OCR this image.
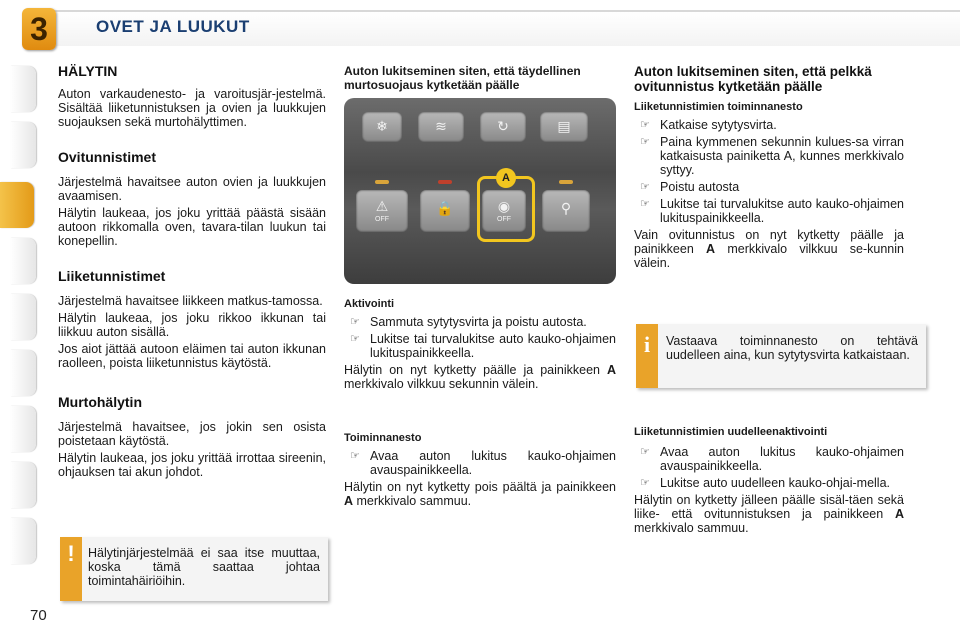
3	OVET JA LUUKUT
HÄLYTIN

Auton varkaudenesto- ja varoitusjär-jestelmä. Sisältää liiketunnistuksen ja ovien ja luukkujen suojauksen sekä murtohälyttimen.

Ovitunnistimet

Järjestelmä havaitsee auton ovien ja luukkujen avaamisen.

Hälytin laukeaa, jos joku yrittää päästä sisään autoon rikkomalla oven, tavara-tilan luukun tai konepellin.

Liiketunnistimet

Järjestelmä havaitsee liikkeen matkus-tamossa.

Hälytin laukeaa, jos joku rikkoo ikkunan tai liikkuu auton sisällä.

Jos aiot jättää autoon eläimen tai auton ikkunan raolleen, poista liiketunnistus käytöstä.

Murtohälytin

Järjestelmä havaitsee, jos jokin sen osista poistetaan käytöstä.

Hälytin laukeaa, jos joku yrittää irrottaa sireenin, ohjauksen tai akun johdot.

!	Hälytinjärjestelmää ei saa itse muuttaa, koska tämä saattaa johtaa toimintahäiriöihin.

Auton lukitseminen siten, että täydellinen murtosuojaus kytketään päälle
❄	≋	↻	▤
⚠
OFF
🔒	◉
OFF
A
⚲
Aktivointi
☞ Sammuta sytytysvirta ja poistu autosta.
☞ Lukitse tai turvalukitse auto kauko-ohjaimen lukituspainikkeella.

Hälytin on nyt kytketty päälle ja painikkeen A merkkivalo vilkkuu sekunnin välein.

Toiminnanesto
☞ Avaa auton lukitus kauko-ohjaimen avauspainikkeella.

Hälytin on nyt kytketty pois päältä ja painikkeen A merkkivalo sammuu.

Auton lukitseminen siten, että pelkkä ovitunnistus kytketään päälle
Liiketunnistimien toiminnanesto
☞ Katkaise sytytysvirta.
☞ Paina kymmenen sekunnin kulues-sa virran katkaisusta painiketta A, kunnes merkkivalo syttyy.
☞ Poistu autosta
☞ Lukitse tai turvalukitse auto kauko-ohjaimen lukituspainikkeella.

Vain ovitunnistus on nyt kytketty päälle ja painikkeen A merkkivalo vilkkuu se-kunnin välein.

i	Vastaava toiminnanesto on tehtävä uudelleen aina, kun sytytysvirta katkaistaan.

Liiketunnistimien uudelleenaktivointi
☞ Avaa auton lukitus kauko-ohjaimen avauspainikkeella.
☞ Lukitse auto uudelleen kauko-ohjai-mella.

Hälytin on kytketty jälleen päälle sisäl-täen sekä liike- että ovitunnistuksen ja painikkeen A merkkivalo sammuu.

70
